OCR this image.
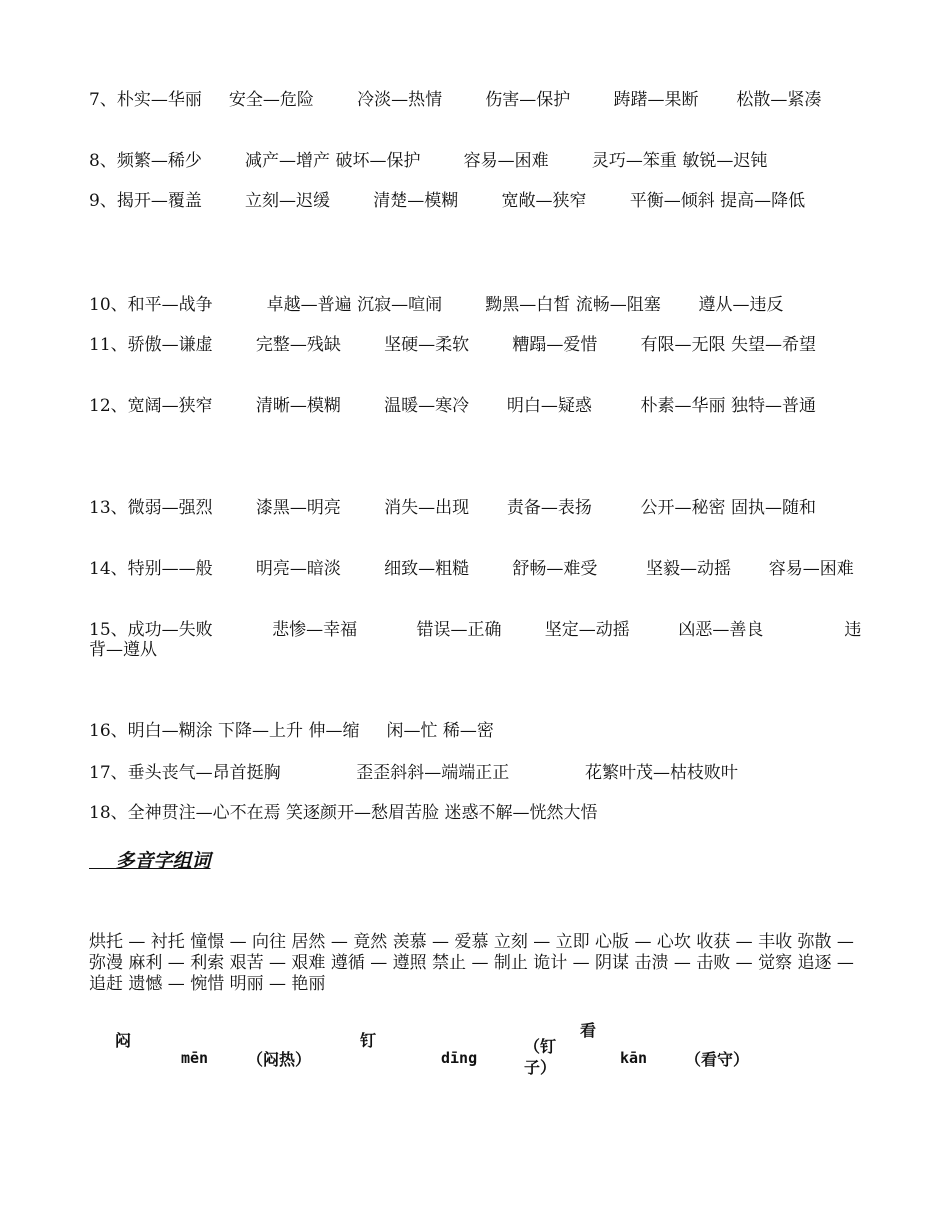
7、朴实—华丽     安全—危险        冷淡—热情        伤害—保护        踌躇—果断       松散—紧凑
8、频繁—稀少        减产—增产 破坏—保护        容易—困难        灵巧—笨重 敏锐—迟钝
9、揭开—覆盖        立刻—迟缓        清楚—模糊        宽敞—狭窄        平衡—倾斜 提高—降低
10、和平—战争          卓越—普遍 沉寂—喧闹        黝黑—白皙 流畅—阻塞       遵从—违反
11、骄傲—谦虚        完整—残缺        坚硬—柔软        糟蹋—爱惜        有限—无限 失望—希望
12、宽阔—狭窄        清晰—模糊        温暖—寒冷       明白—疑惑         朴素—华丽 独特—普通
13、微弱—强烈        漆黑—明亮        消失—出现       责备—表扬         公开—秘密 固执—随和
14、特别——般        明亮—暗淡        细致—粗糙        舒畅—难受         坚毅—动摇       容易—困难
15、成功—失败           悲惨—幸福           错误—正确        坚定—动摇         凶恶—善良               违背—遵从
16、明白—糊涂 下降—上升 伸—缩     闲—忙 稀—密
17、垂头丧气—昂首挺胸              歪歪斜斜—端端正正              花繁叶茂—枯枝败叶
18、全神贯注—心不在焉 笑逐颜开—愁眉苦脸 迷惑不解—恍然大悟
多音字组词
烘托 — 衬托 憧憬 — 向往 居然 — 竟然 羡慕 — 爱慕 立刻 — 立即 心版 — 心坎 收获 — 丰收 弥散 — 弥漫 麻利 — 利索 艰苦 — 艰难 遵循 — 遵照 禁止 — 制止 诡计 — 阴谋 击溃 — 击败 — 觉察 追逐 — 追赶 遗憾 — 惋惜 明丽 — 艳丽
闷
mēn （闷热）
钉
dīng
（钉子）
看
kān （看守）
